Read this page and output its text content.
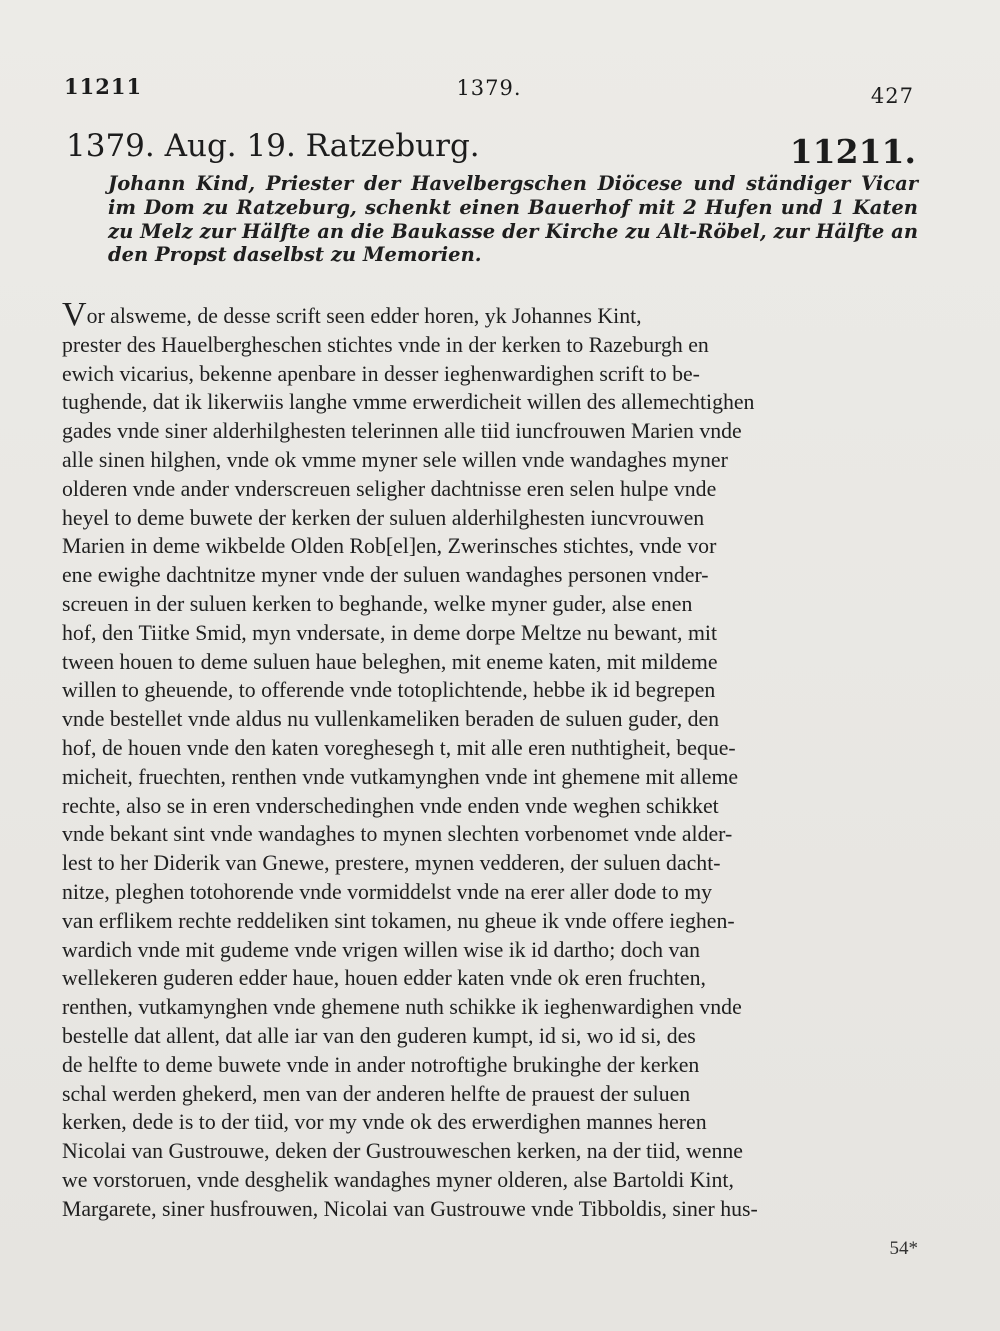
11211	1379.	427
1379. Aug. 19. Ratzeburg.	11211.
Johann Kind, Priester der Havelbergschen Diöcese und ständiger Vicar im Dom zu Ratzeburg, schenkt einen Bauerhof mit 2 Hufen und 1 Katen zu Melz zur Hälfte an die Baukasse der Kirche zu Alt-Röbel, zur Hälfte an den Propst daselbst zu Memorien.
Vor alsweme, de desse scrift seen edder horen, yk Johannes Kint,
prester des Hauelbergheschen stichtes vnde in der kerken to Razeburgh en
ewich vicarius, bekenne apenbare in desser ieghenwardighen scrift to be-
tughende, dat ik likerwiis langhe vmme erwerdicheit willen des allemechtighen
gades vnde siner alderhilghesten telerinnen alle tiid iuncfrouwen Marien vnde
alle sinen hilghen, vnde ok vmme myner sele willen vnde wandaghes myner
olderen vnde ander vnderscreuen seligher dachtnisse eren selen hulpe vnde
heyel to deme buwete der kerken der suluen alderhilghesten iuncvrouwen
Marien in deme wikbelde Olden Rob[el]en, Zwerinsches stichtes, vnde vor
ene ewighe dachtnitze myner vnde der suluen wandaghes personen vnder-
screuen in der suluen kerken to beghande, welke myner guder, alse enen
hof, den Tiitke Smid, myn vndersate, in deme dorpe Meltze nu bewant, mit
tween houen to deme suluen haue beleghen, mit eneme katen, mit mildeme
willen to gheuende, to offerende vnde totoplichtende, hebbe ik id begrepen
vnde bestellet vnde aldus nu vullenkameliken beraden de suluen guder, den
hof, de houen vnde den katen voreghesegh t, mit alle eren nuthtigheit, beque-
micheit, fruechten, renthen vnde vutkamynghen vnde int ghemene mit alleme
rechte, also se in eren vnderschedinghen vnde enden vnde weghen schikket
vnde bekant sint vnde wandaghes to mynen slechten vorbenomet vnde alder-
lest to her Diderik van Gnewe, prestere, mynen vedderen, der suluen dacht-
nitze, pleghen totohorende vnde vormiddelst vnde na erer aller dode to my
van erflikem rechte reddeliken sint tokamen, nu gheue ik vnde offere ieghen-
wardich vnde mit gudeme vnde vrigen willen wise ik id dartho; doch van
wellekeren guderen edder haue, houen edder katen vnde ok eren fruchten,
renthen, vutkamynghen vnde ghemene nuth schikke ik ieghenwardighen vnde
bestelle dat allent, dat alle iar van den guderen kumpt, id si, wo id si, des
de helfte to deme buwete vnde in ander notroftighe brukinghe der kerken
schal werden ghekerd, men van der anderen helfte de prauest der suluen
kerken, dede is to der tiid, vor my vnde ok des erwerdighen mannes heren
Nicolai van Gustrouwe, deken der Gustrouweschen kerken, na der tiid, wenne
we vorstoruen, vnde desghelik wandaghes myner olderen, alse Bartoldi Kint,
Margarete, siner husfrouwen, Nicolai van Gustrouwe vnde Tibboldis, siner hus-
54*
